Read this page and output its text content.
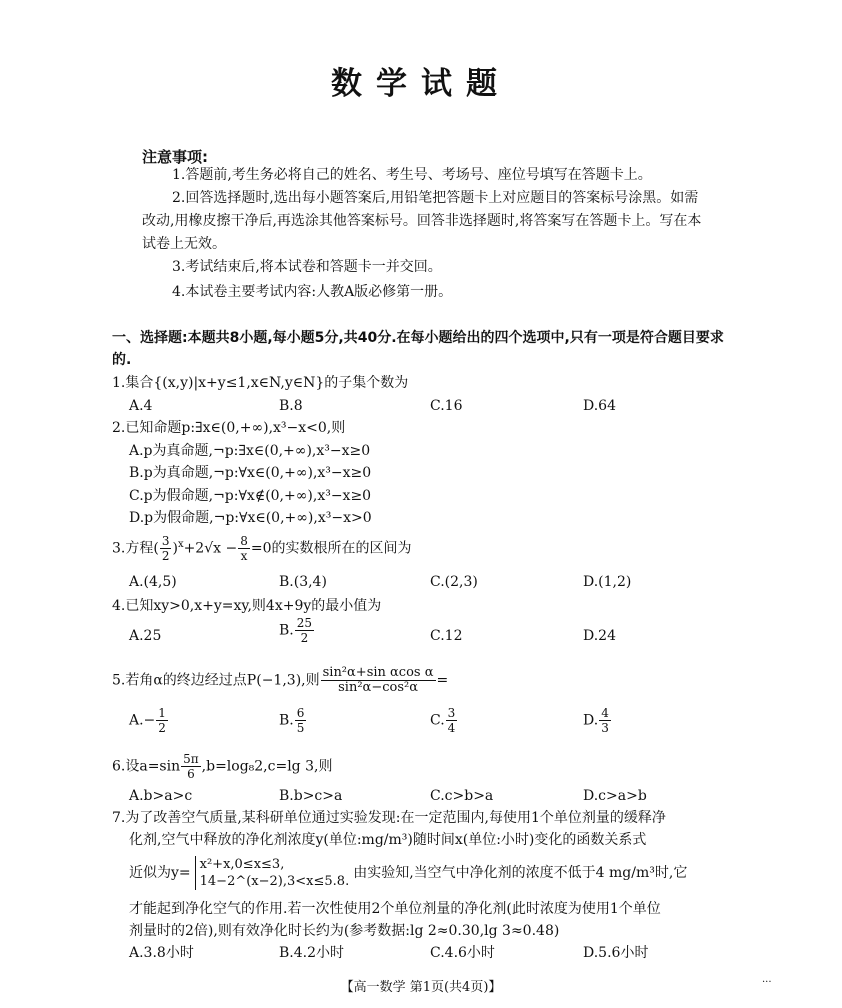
数学试题
注意事项:
1.答题前,考生务必将自己的姓名、考生号、考场号、座位号填写在答题卡上。
2.回答选择题时,选出每小题答案后,用铅笔把答题卡上对应题目的答案标号涂黑。如需改动,用橡皮擦干净后,再选涂其他答案标号。回答非选择题时,将答案写在答题卡上。写在本试卷上无效。
3.考试结束后,将本试卷和答题卡一并交回。
4.本试卷主要考试内容:人教A版必修第一册。
一、选择题:本题共8小题,每小题5分,共40分.在每小题给出的四个选项中,只有一项是符合题目要求的.
1.集合{(x,y)|x+y≤1,x∈N,y∈N}的子集个数为
A.4	B.8	C.16	D.64
2.已知命题p:∃x∈(0,+∞),x³−x<0,则
A.p为真命题,¬p:∃x∈(0,+∞),x³−x≥0
B.p为真命题,¬p:∀x∈(0,+∞),x³−x≥0
C.p为假命题,¬p:∀x∉(0,+∞),x³−x≥0
D.p为假命题,¬p:∀x∈(0,+∞),x³−x>0
3.方程( $\frac{3}{2} )^x+2√x - \frac{8}{x} =0$的实数根所在的区间为
A.(4,5)	B.(3,4)	C.(2,3)	D.(1,2)
4.已知xy>0,x+y=xy,则4x+9y的最小值为
A.25	B. $\frac{25}{2}$	C.12	D.24
5.若角α的终边经过点P(−1,3),则 $\frac{\text{sin²α+sin αcos α}}{\text{sin²α−cos²α}}$ =
$A.- \frac{1}{2}$	B. $\frac{6}{5}$	C. $\frac{3}{4}$	D. $\frac{4}{3}$
6.设$a=\sin \frac{5\pi}{6} ,b=\log_82,c=\lg$ 3,则
A.b>a>c	B.b>c>a	C.c>b>a	D.c>a>b
7.为了改善空气质量,某科研单位通过实验发现:在一定范围内,每使用1个单位剂量的缓释净
化剂,空气中释放的净化剂浓度y(单位:mg/m³)随时间x(单位:小时)变化的函数关系式
近似为y=
x²+x,0≤x≤3,
14−2^(x−2),3<x≤5.8.
由实验知,当空气中净化剂的浓度不低于4 mg/m³时,它
才能起到净化空气的作用.若一次性使用2个单位剂量的净化剂(此时浓度为使用1个单位
剂量时的2倍),则有效净化时长约为(参考数据:lg 2≈0.30,lg 3≈0.48)
A.3.8小时	B.4.2小时	C.4.6小时	D.5.6小时
【高一数学 第1页(共4页)】
...
